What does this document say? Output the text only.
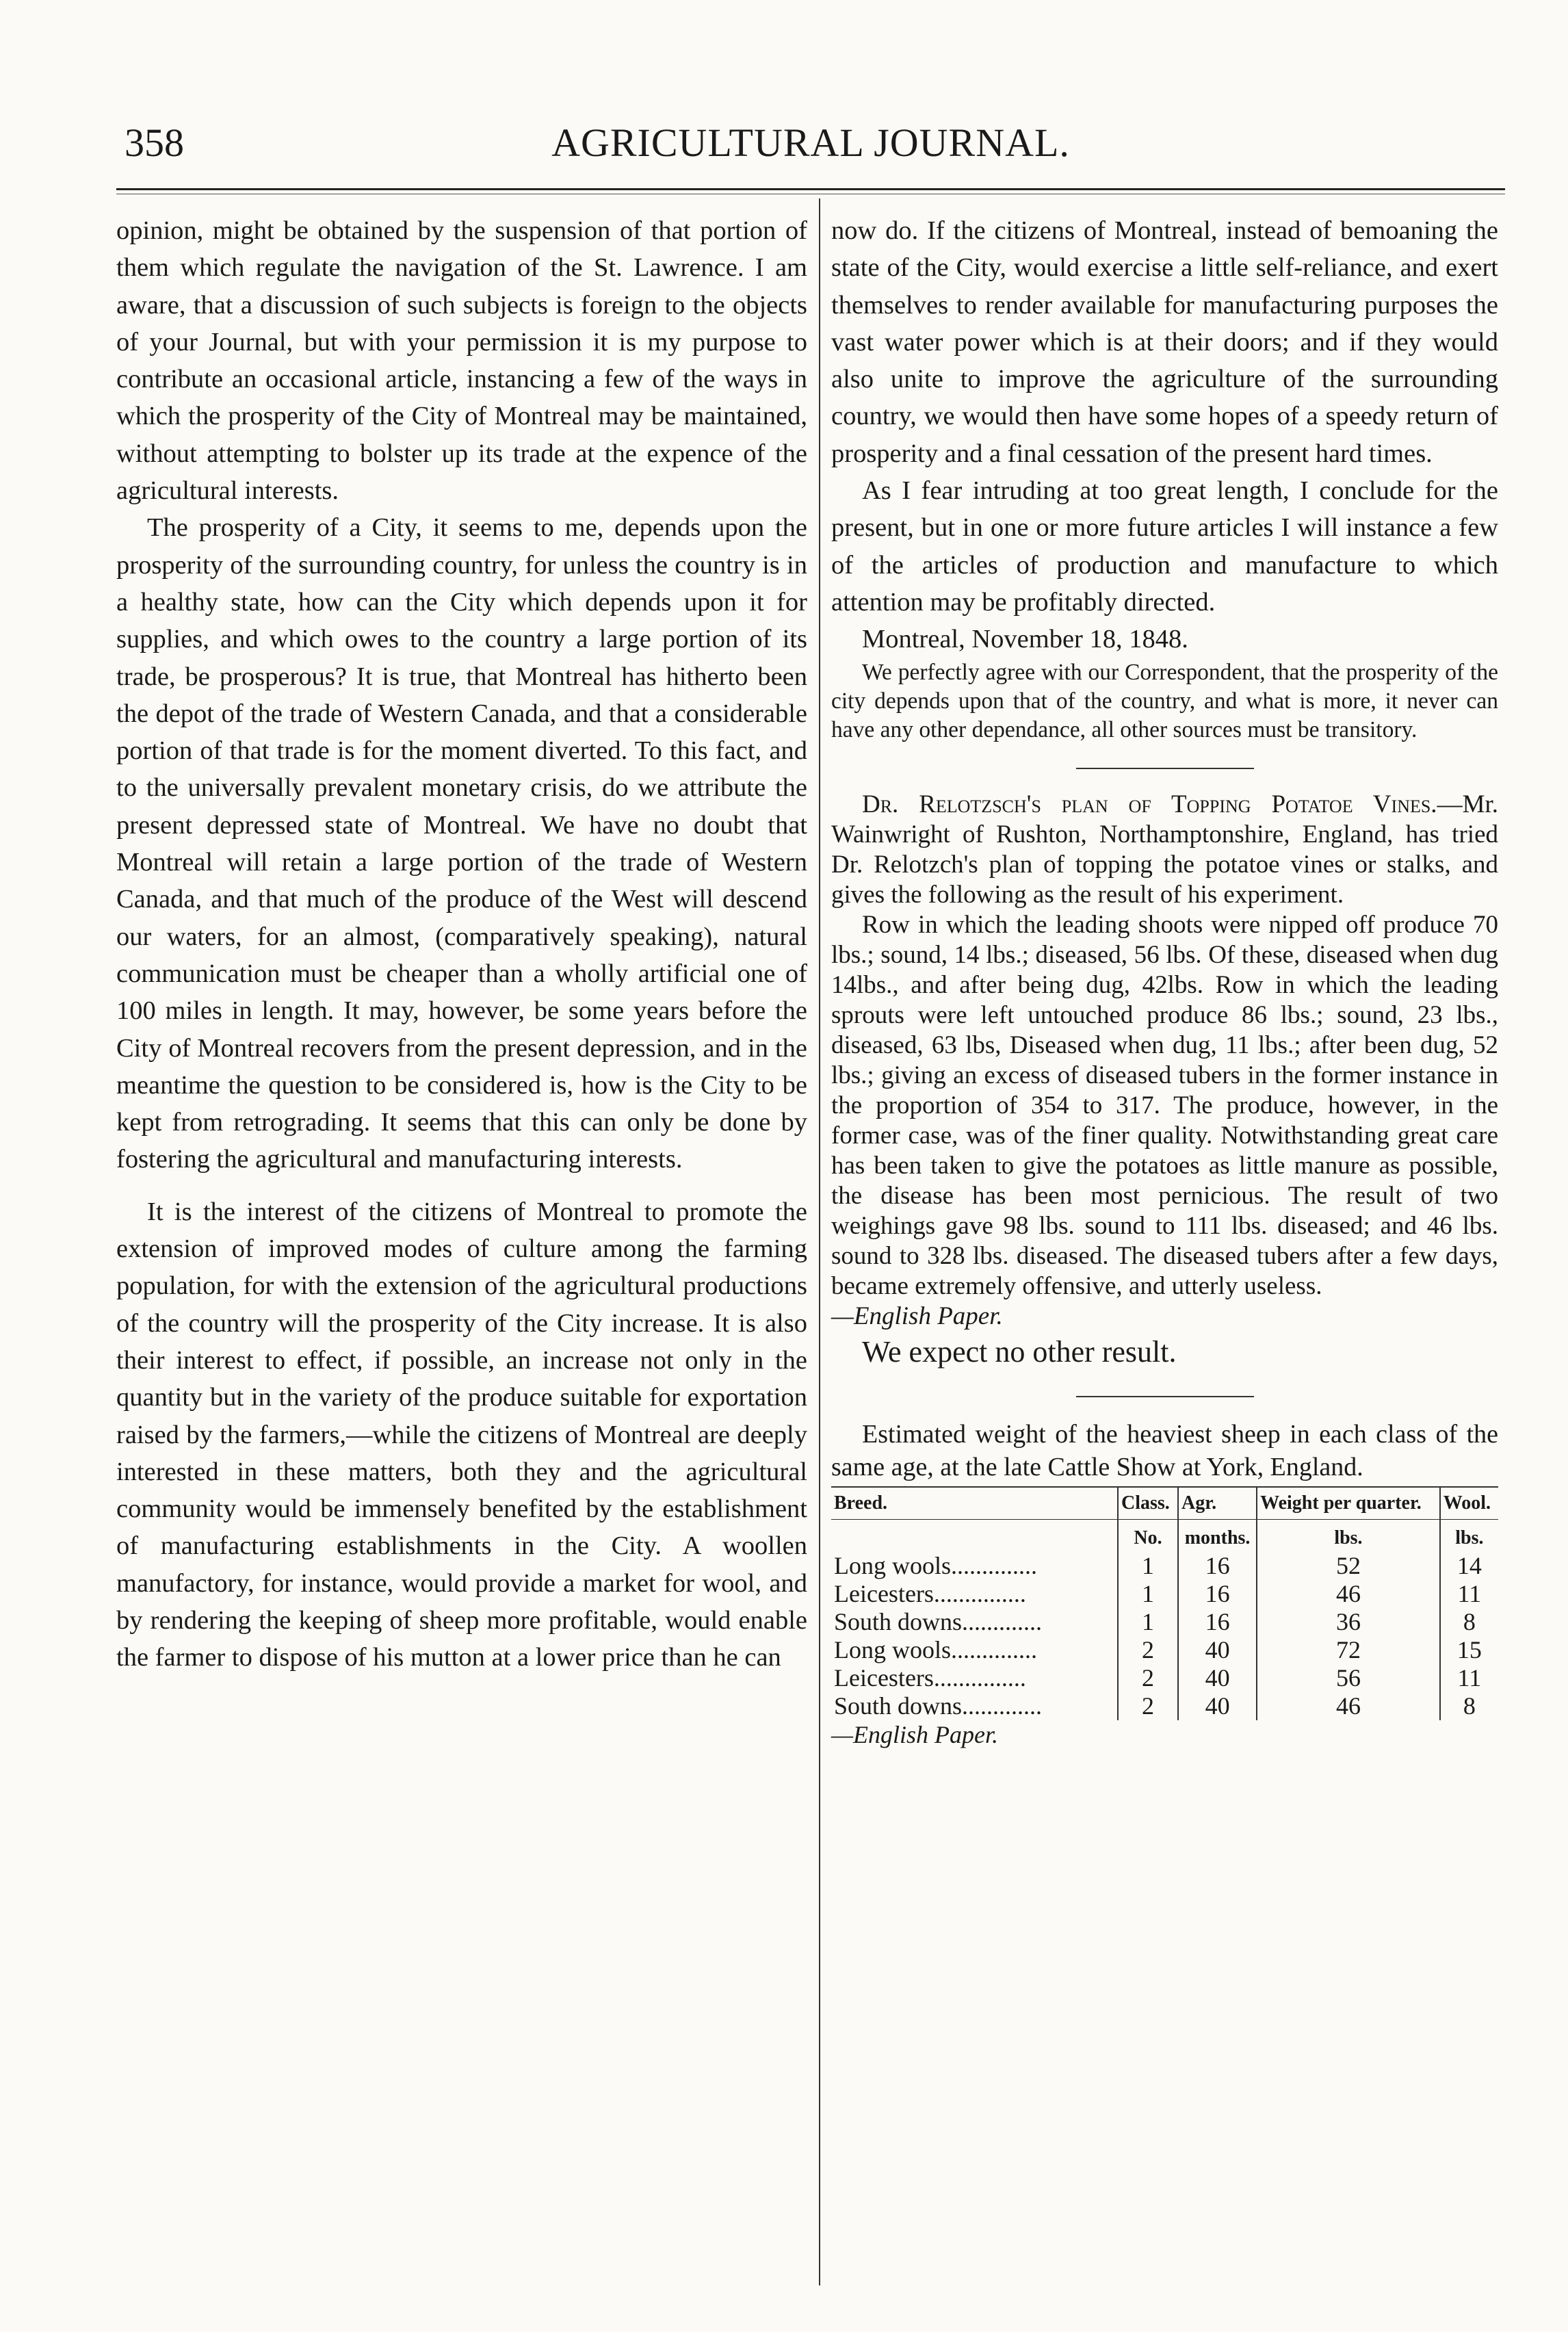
358	AGRICULTURAL JOURNAL.

opinion, might be obtained by the suspension of that portion of them which regulate the navigation of the St. Lawrence. I am aware, that a discussion of such subjects is foreign to the objects of your Journal, but with your permission it is my purpose to contribute an occasional article, instancing a few of the ways in which the prosperity of the City of Montreal may be maintained, without attempting to bolster up its trade at the expence of the agricultural interests.

The prosperity of a City, it seems to me, depends upon the prosperity of the surrounding country, for unless the country is in a healthy state, how can the City which depends upon it for supplies, and which owes to the country a large portion of its trade, be prosperous? It is true, that Montreal has hitherto been the depot of the trade of Western Canada, and that a considerable portion of that trade is for the moment diverted. To this fact, and to the universally prevalent monetary crisis, do we attribute the present depressed state of Montreal. We have no doubt that Montreal will retain a large portion of the trade of Western Canada, and that much of the produce of the West will descend our waters, for an almost, (comparatively speaking), natural communication must be cheaper than a wholly artificial one of 100 miles in length. It may, however, be some years before the City of Montreal recovers from the present depression, and in the meantime the question to be considered is, how is the City to be kept from retrograding. It seems that this can only be done by fostering the agricultural and manufacturing interests.

It is the interest of the citizens of Montreal to promote the extension of improved modes of culture among the farming population, for with the extension of the agricultural productions of the country will the prosperity of the City increase. It is also their interest to effect, if possible, an increase not only in the quantity but in the variety of the produce suitable for exportation raised by the farmers,—while the citizens of Montreal are deeply interested in these matters, both they and the agricultural community would be immensely benefited by the establishment of manufacturing establishments in the City. A woollen manufactory, for instance, would provide a market for wool, and by rendering the keeping of sheep more profitable, would enable the farmer to dispose of his mutton at a lower price than he can

now do. If the citizens of Montreal, instead of bemoaning the state of the City, would exercise a little self-reliance, and exert themselves to render available for manufacturing purposes the vast water power which is at their doors; and if they would also unite to improve the agriculture of the surrounding country, we would then have some hopes of a speedy return of prosperity and a final cessation of the present hard times.

As I fear intruding at too great length, I conclude for the present, but in one or more future articles I will instance a few of the articles of production and manufacture to which attention may be profitably directed.

Montreal, November 18, 1848.

We perfectly agree with our Correspondent, that the prosperity of the city depends upon that of the country, and what is more, it never can have any other dependance, all other sources must be transitory.

Dr. Relotzsch's plan of Topping Potatoe Vines.—Mr. Wainwright of Rushton, Northamptonshire, England, has tried Dr. Relotzch's plan of topping the potatoe vines or stalks, and gives the following as the result of his experiment.

Row in which the leading shoots were nipped off produce 70 lbs.; sound, 14 lbs.; diseased, 56 lbs. Of these, diseased when dug 14lbs., and after being dug, 42lbs. Row in which the leading sprouts were left untouched produce 86 lbs.; sound, 23 lbs., diseased, 63 lbs, Diseased when dug, 11 lbs.; after been dug, 52 lbs.; giving an excess of diseased tubers in the former instance in the proportion of 354 to 317. The produce, however, in the former case, was of the finer quality. Notwithstanding great care has been taken to give the potatoes as little manure as possible, the disease has been most pernicious. The result of two weighings gave 98 lbs. sound to 111 lbs. diseased; and 46 lbs. sound to 328 lbs. diseased. The diseased tubers after a few days, became extremely offensive, and utterly useless.

—English Paper.

We expect no other result.

Estimated weight of the heaviest sheep in each class of the same age, at the late Cattle Show at York, England.

Breed.	Class.	Agr.	Weight per quarter.	Wool.
	No.	months.	lbs.	lbs.
Long wools..............	1	16	52	14
Leicesters...............	1	16	46	11
South downs.............	1	16	36	8
Long wools..............	2	40	72	15
Leicesters...............	2	40	56	11
South downs.............	2	40	46	8

—English Paper.
